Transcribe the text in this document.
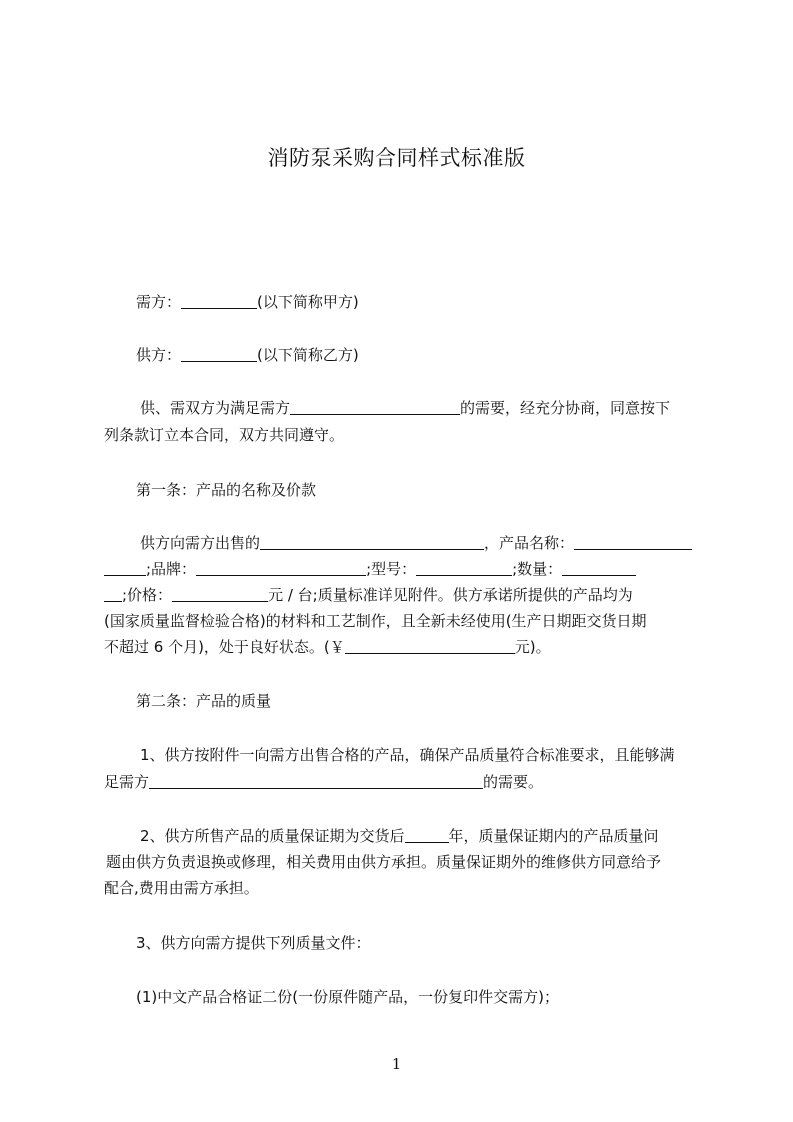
消防泵采购合同样式标准版
需方：	(以下简称甲方)
供方：	(以下简称乙方)
供、需双方为满足需方	的需要，经充分协商，同意按下
列条款订立本合同，双方共同遵守。
第一条：产品的名称及价款
供方向需方出售的	，产品名称：
;品牌：	;型号：	;数量：
;价格：	元 / 台;质量标准详见附件。供方承诺所提供的产品均为
(国家质量监督检验合格)的材料和工艺制作，且全新未经使用(生产日期距交货日期
不超过 6 个月)，处于良好状态。(￥	元)。
第二条：产品的质量
1、供方按附件一向需方出售合格的产品，确保产品质量符合标准要求，且能够满
足需方	的需要。
2、供方所售产品的质量保证期为交货后	年，质量保证期内的产品质量问
题由供方负责退换或修理，相关费用由供方承担。质量保证期外的维修供方同意给予
配合,费用由需方承担。
3、供方向需方提供下列质量文件：
(1)中文产品合格证二份(一份原件随产品，一份复印件交需方)；
1
